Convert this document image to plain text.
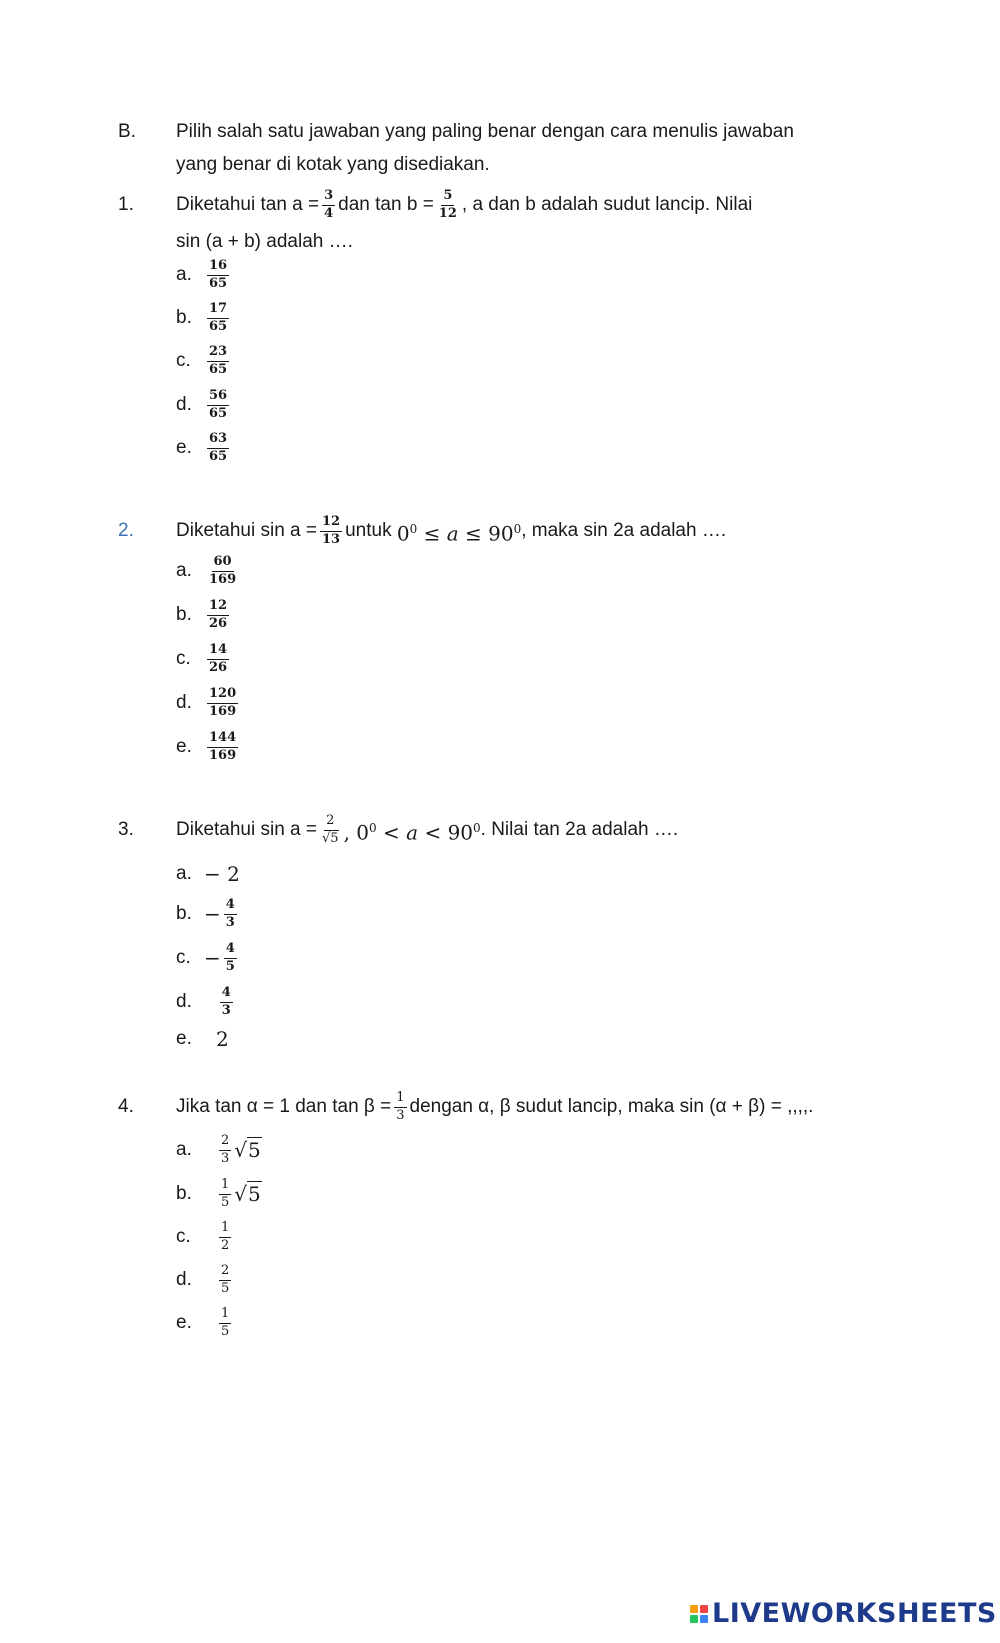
B. Pilih salah satu jawaban yang paling benar dengan cara menulis jawaban
yang benar di kotak yang disediakan.
1. Diketahui $\tan a = \frac{3}{4}$ dan $\tan b = \frac{5}{12}$ , a dan b adalah sudut lancip. Nilai
sin (a + b) adalah ….
a.	$\frac{16}{65}$
b.	$\frac{17}{65}$
c.	$\frac{23}{65}$
d.	$\frac{56}{65}$
e.	$\frac{63}{65}$
2. Diketahui $\sin a = \frac{12}{13}$ untuk
$0^0 \le a \le 90^0$ , maka sin 2a adalah ….
a.	$\frac{60}{169}$
b.	$\frac{12}{26}$
c.	$\frac{14}{26}$
d.	$\frac{120}{169}$
e.	$\frac{144}{169}$
3. Diketahui $\sin a = \frac{2}{√5}$ , $0^0 < a < 90^0$ . Nilai tan 2a adalah ….
a. − 2
b. − $\frac{4}{3}$
c. − $\frac{4}{5}$
d.
	$\frac{4}{3}$
e.	2
4. Jika tan α = 1 dan $\tan \beta = \frac{1}{3}$ dengan α, β sudut lancip, maka sin (α + β) = ,,,,.
a.	$\frac{2}{3} √5$
b.	$\frac{1}{5} √5$
c.	$\frac{1}{2}$
d.	$\frac{2}{5}$
e.	$\frac{1}{5}$
LIVEWORKSHEETS
